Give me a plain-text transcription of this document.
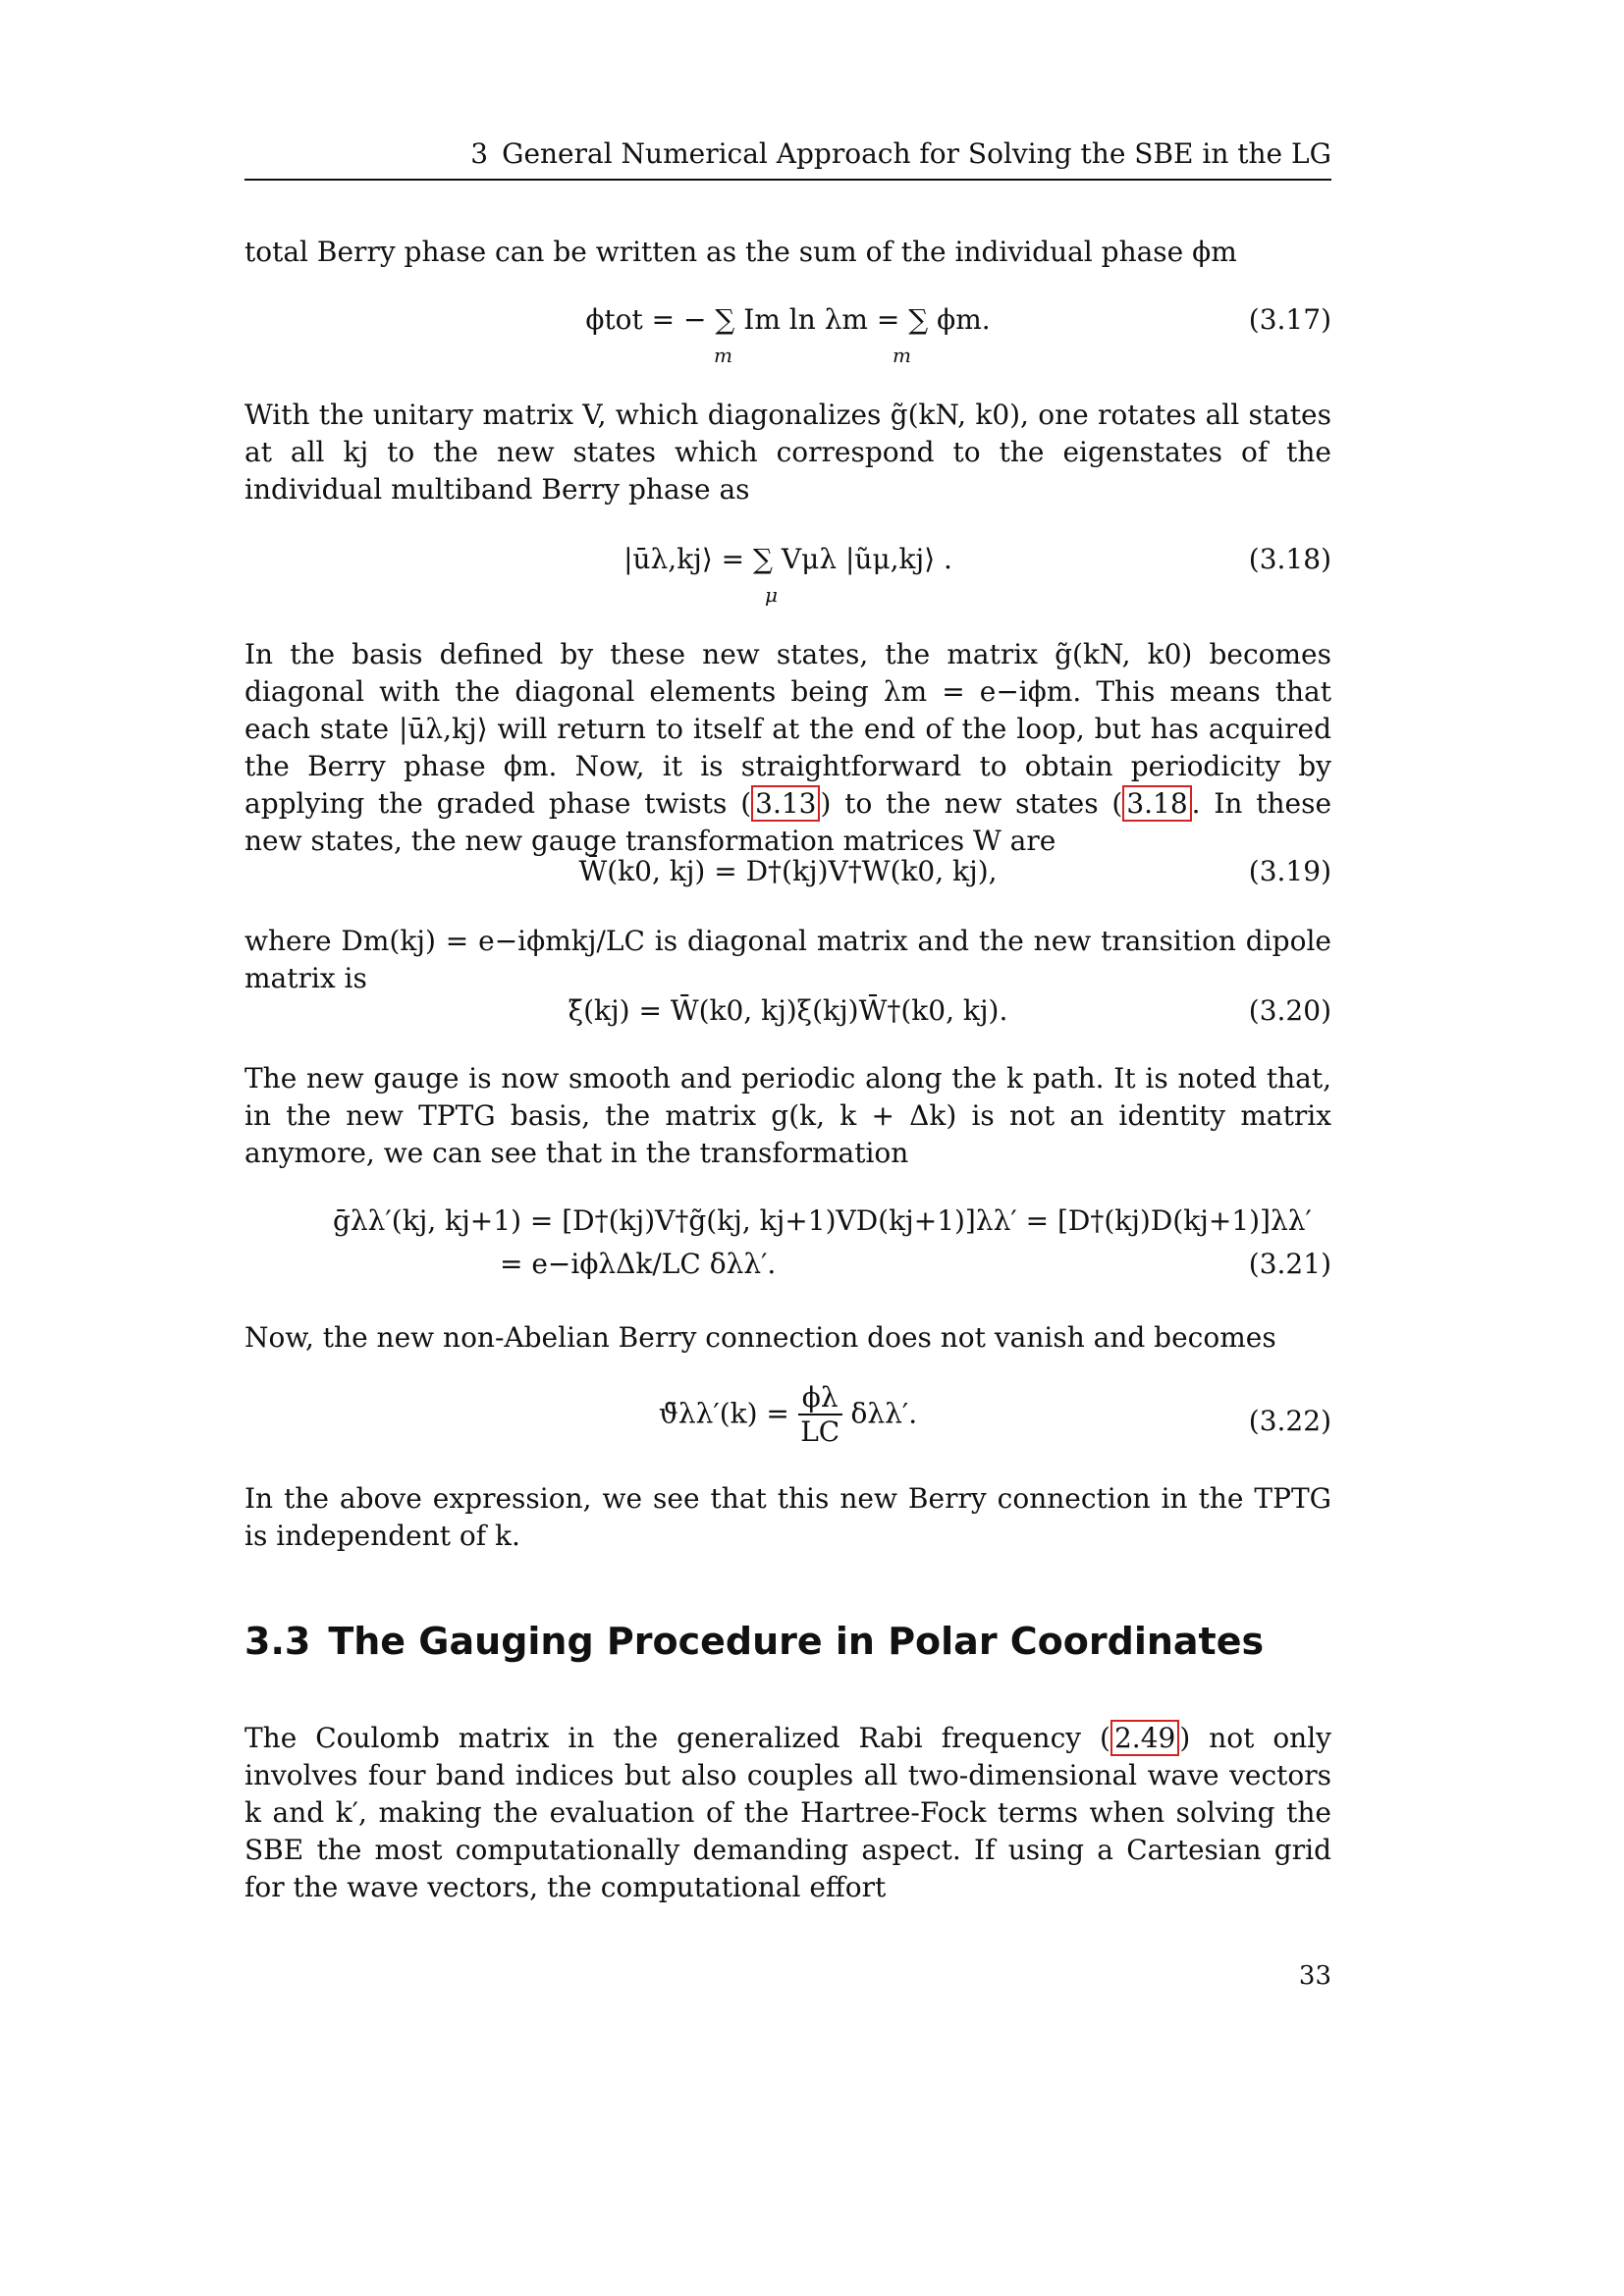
3 General Numerical Approach for Solving the SBE in the LG
total Berry phase can be written as the sum of the individual phase ϕm
ϕtot = − ∑ Im ln λm = ∑ ϕm.
m	m
(3.17)
With the unitary matrix V, which diagonalizes g̃(kN, k0), one rotates all states at all kj to the new states which correspond to the eigenstates of the individual multiband Berry phase as
|ūλ,kj⟩ = ∑ Vμλ |ũμ,kj⟩ .
μ
(3.18)
In the basis defined by these new states, the matrix g̃(kN, k0) becomes diagonal with the diagonal elements being λm = e−iϕm. This means that each state |ūλ,kj⟩ will return to itself at the end of the loop, but has acquired the Berry phase ϕm. Now, it is straightforward to obtain periodicity by applying the graded phase twists ( 3.13 ) to the new states ( 3.18 . In these new states, the new gauge transformation matrices W are
W̄(k0, kj) = D†(kj)V†W(k0, kj),	(3.19)
where Dm(kj) = e−iϕmkj/LC is diagonal matrix and the new transition dipole matrix is
ξ̄(kj) = W̄(k0, kj)ξ(kj)W̄†(k0, kj).	(3.20)
The new gauge is now smooth and periodic along the k path. It is noted that, in the new TPTG basis, the matrix g(k, k + Δk) is not an identity matrix anymore, we can see that in the transformation
ḡλλ′(kj, kj+1) = [D†(kj)V†g̃(kj, kj+1)VD(kj+1)]λλ′ = [D†(kj)D(kj+1)]λλ′
= e−iϕλΔk/LC δλλ′.	(3.21)
Now, the new non-Abelian Berry connection does not vanish and becomes
ϑ̄λλ′(k) = $\frac{\phi\lambda}{LC} \delta\lambda\lambda'$.	(3.22)
In the above expression, we see that this new Berry connection in the TPTG is independent of k.
3.3 The Gauging Procedure in Polar Coordinates
The Coulomb matrix in the generalized Rabi frequency ( 2.49 ) not only involves four band indices but also couples all two-dimensional wave vectors k and k′, making the evaluation of the Hartree-Fock terms when solving the SBE the most computationally demanding aspect. If using a Cartesian grid for the wave vectors, the computational effort
33
